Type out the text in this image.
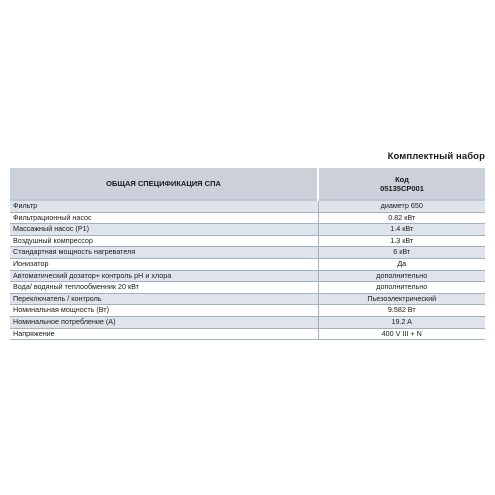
Комплектный набор
ОБЩАЯ СПЕЦИФИКАЦИЯ СПА	Код
05135CP001

Фильтр	диаметр 650
Фильтрационный насос	0.82 кВт
Массажный насос (P1)	1.4 кВт
Воздушный компрессор	1.3 кВт
Стандартная мощность нагревателя	6 кВт
Ионизатор	Да
Автоматический дозатор+ контроль pH и хлора	дополнительно
Вода/ водяный теплообменник 20 кВт	дополнительно
Переключатель / контроль	Пьезоэлектрический
Номинальная мощность (Вт)	9.582 Вт
Номинальное потребление (А)	19.2 A
Напряжение	400 V III + N
